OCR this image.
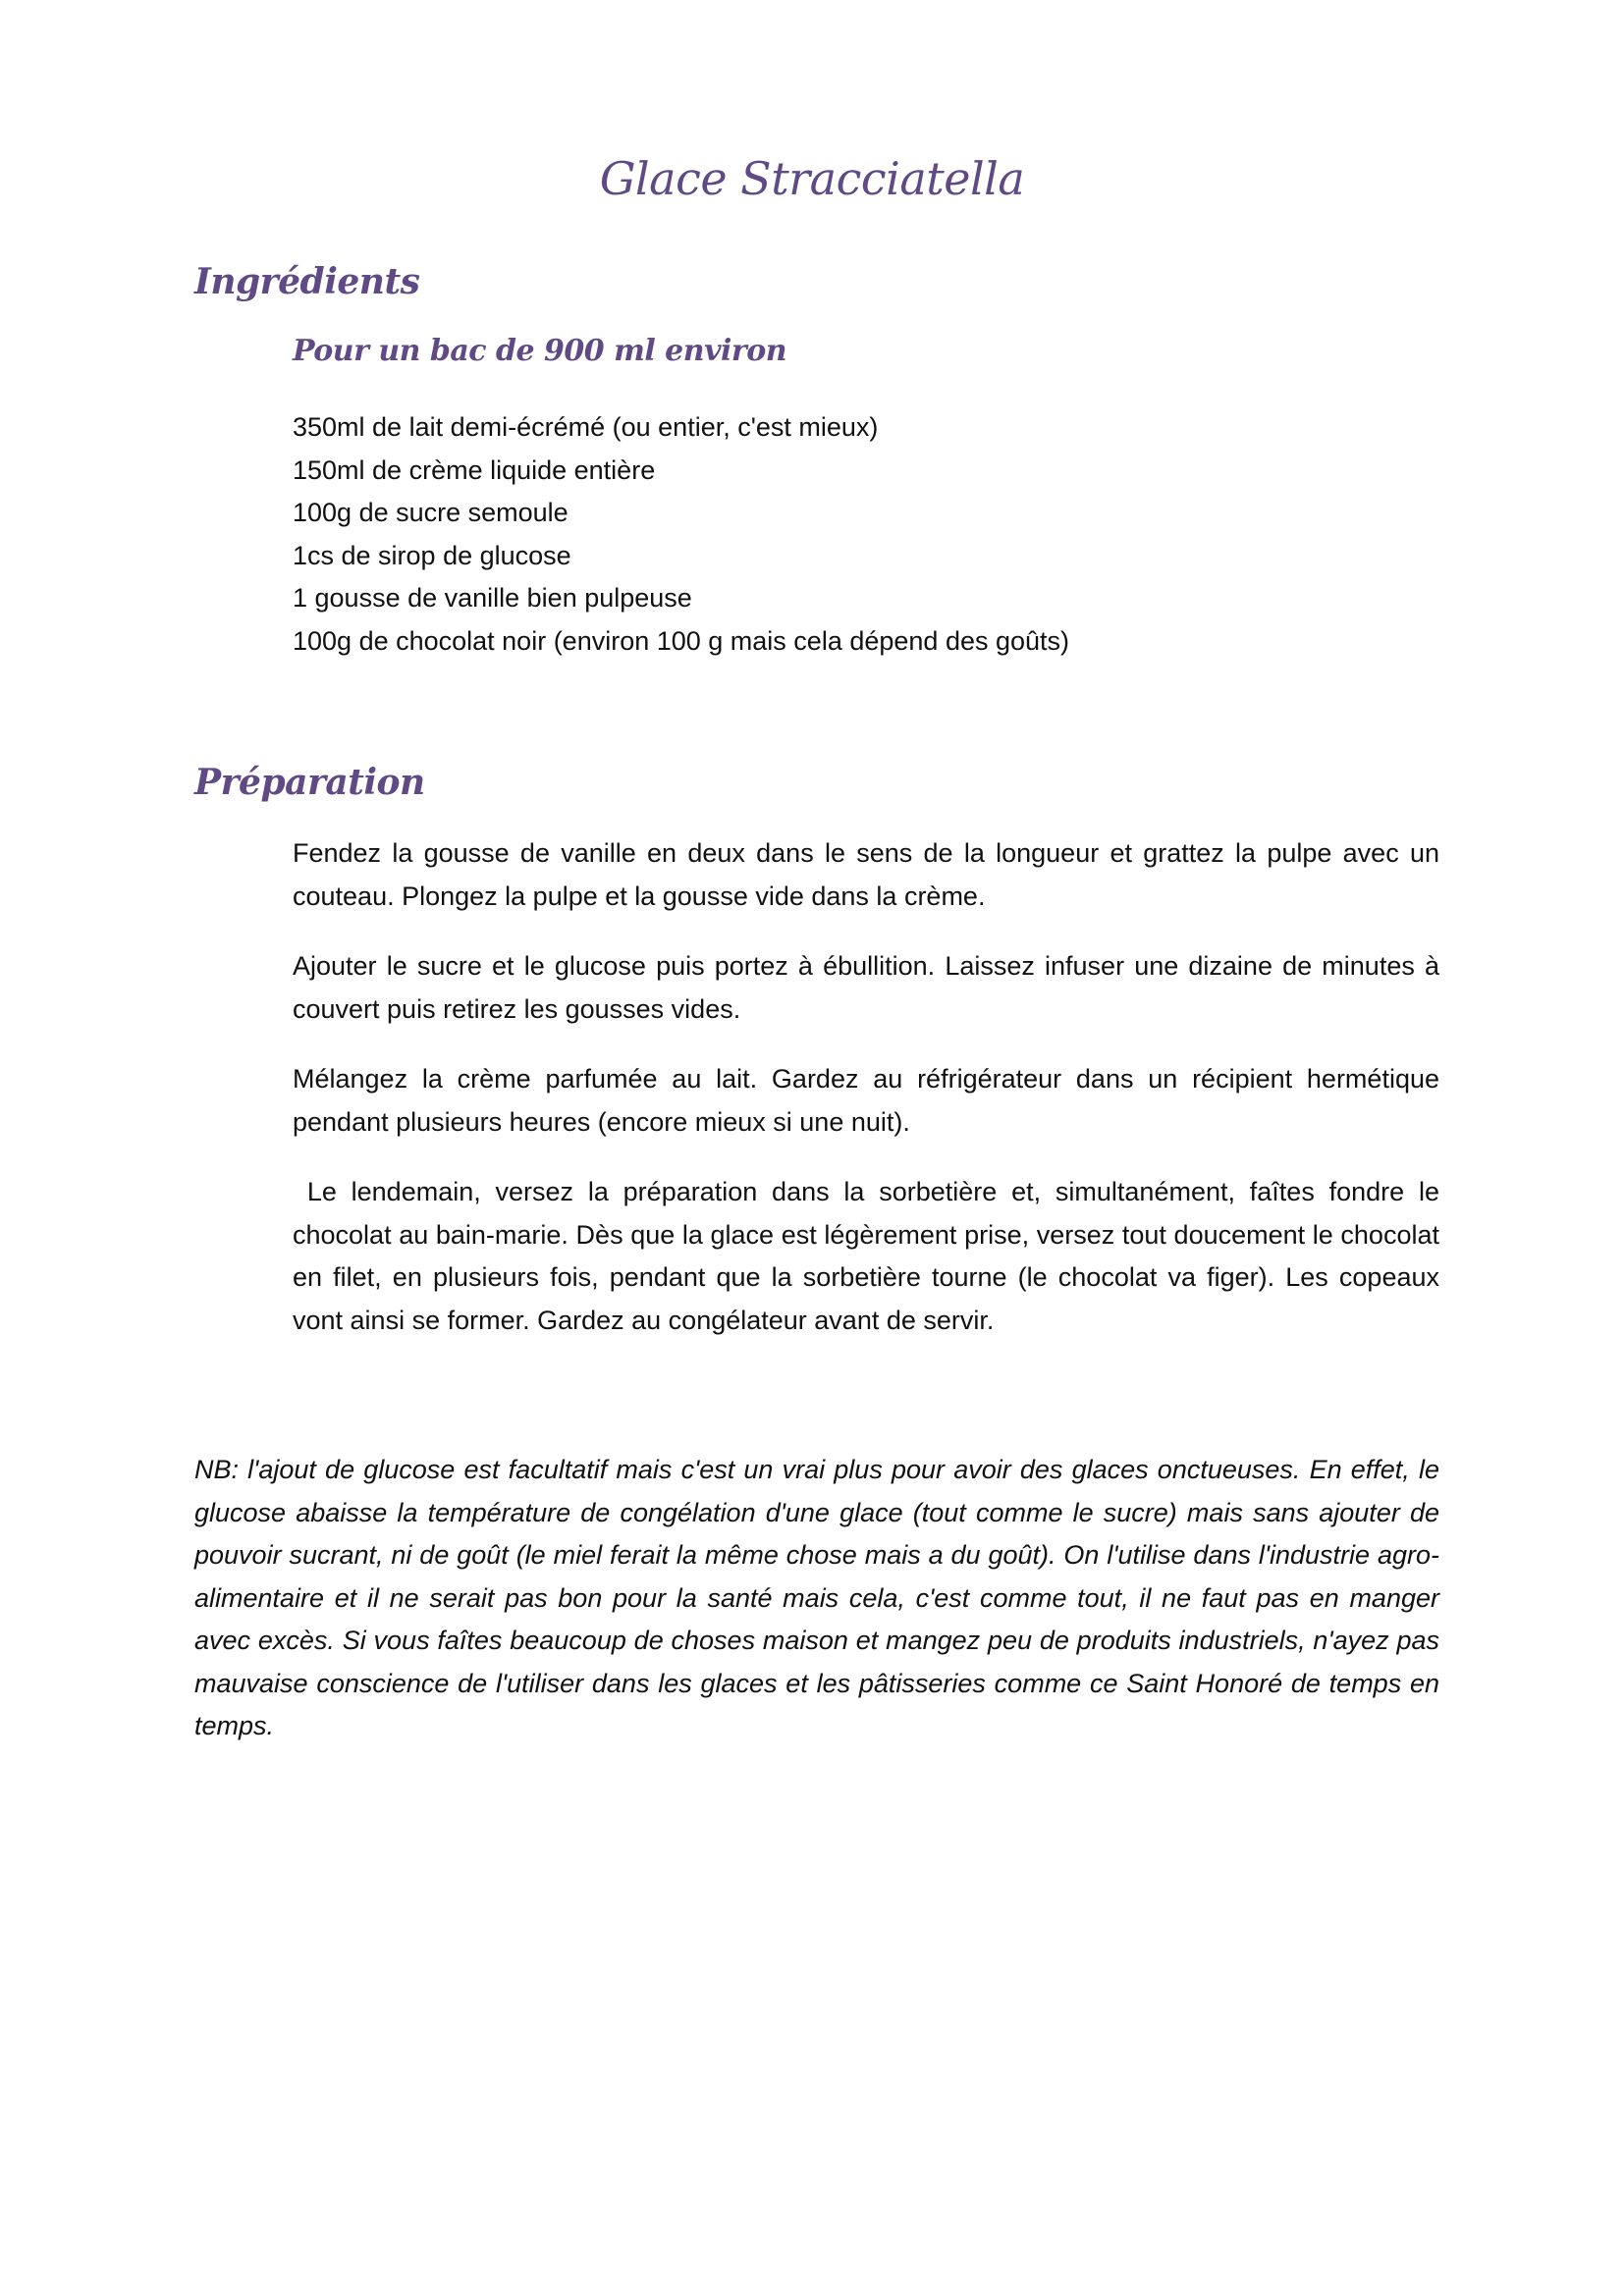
Glace Stracciatella
Ingrédients
Pour un bac de 900 ml environ
350ml de lait demi-écrémé (ou entier, c'est mieux)
150ml de crème liquide entière
100g de sucre semoule
1cs de sirop de glucose
1 gousse de vanille bien pulpeuse
100g de chocolat noir (environ 100 g mais cela dépend des goûts)
Préparation

Fendez la gousse de vanille en deux dans le sens de la longueur et grattez la pulpe avec un couteau. Plongez la pulpe et la gousse vide dans la crème.

Ajouter le sucre et le glucose puis portez à ébullition. Laissez infuser une dizaine de minutes à couvert puis retirez les gousses vides.

Mélangez la crème parfumée au lait. Gardez au réfrigérateur dans un récipient hermétique pendant plusieurs heures (encore mieux si une nuit).

Le lendemain, versez la préparation dans la sorbetière et, simultanément, faîtes fondre le chocolat au bain-marie. Dès que la glace est légèrement prise, versez tout doucement le chocolat en filet, en plusieurs fois, pendant que la sorbetière tourne (le chocolat va figer). Les copeaux vont ainsi se former. Gardez au congélateur avant de servir.

NB: l'ajout de glucose est facultatif mais c'est un vrai plus pour avoir des glaces onctueuses. En effet, le glucose abaisse la température de congélation d'une glace (tout comme le sucre) mais sans ajouter de pouvoir sucrant, ni de goût (le miel ferait la même chose mais a du goût). On l'utilise dans l'industrie agro-alimentaire et il ne serait pas bon pour la santé mais cela, c'est comme tout, il ne faut pas en manger avec excès. Si vous faîtes beaucoup de choses maison et mangez peu de produits industriels, n'ayez pas mauvaise conscience de l'utiliser dans les glaces et les pâtisseries comme ce Saint Honoré de temps en temps.
